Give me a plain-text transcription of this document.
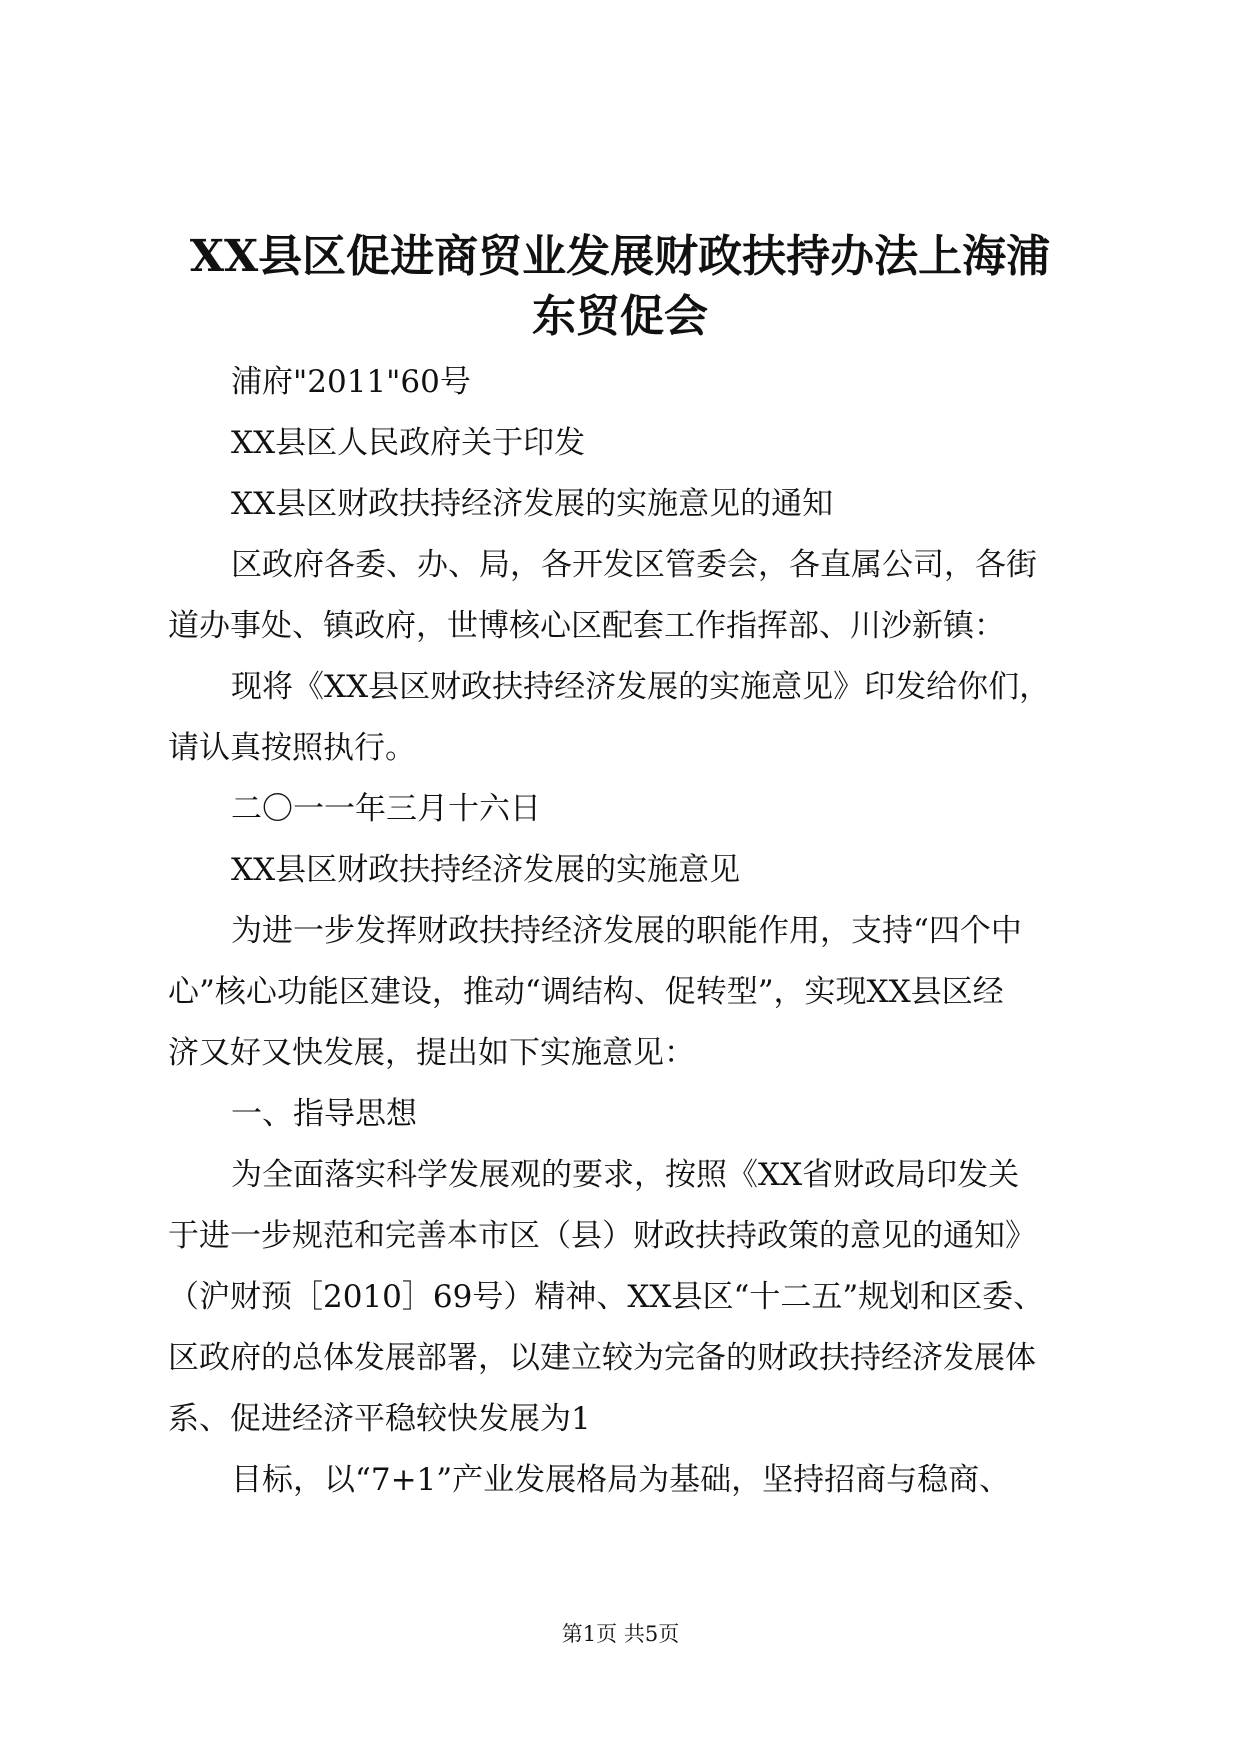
XX县区促进商贸业发展财政扶持办法上海浦
东贸促会

浦府"2011"60号

XX县区人民政府关于印发

XX县区财政扶持经济发展的实施意见的通知

区政府各委、办、局，各开发区管委会，各直属公司，各街

道办事处、镇政府，世博核心区配套工作指挥部、川沙新镇：

现将《XX县区财政扶持经济发展的实施意见》印发给你们，

请认真按照执行。

二〇一一年三月十六日

XX县区财政扶持经济发展的实施意见

为进一步发挥财政扶持经济发展的职能作用，支持“四个中

心”核心功能区建设，推动“调结构、促转型”，实现XX县区经

济又好又快发展，提出如下实施意见：

一、指导思想

为全面落实科学发展观的要求，按照《XX省财政局印发关

于进一步规范和完善本市区（县）财政扶持政策的意见的通知》

（沪财预［2010］69号）精神、XX县区“十二五”规划和区委、

区政府的总体发展部署，以建立较为完备的财政扶持经济发展体

系、促进经济平稳较快发展为1

目标，以“7+1”产业发展格局为基础，坚持招商与稳商、

第1页 共5页
